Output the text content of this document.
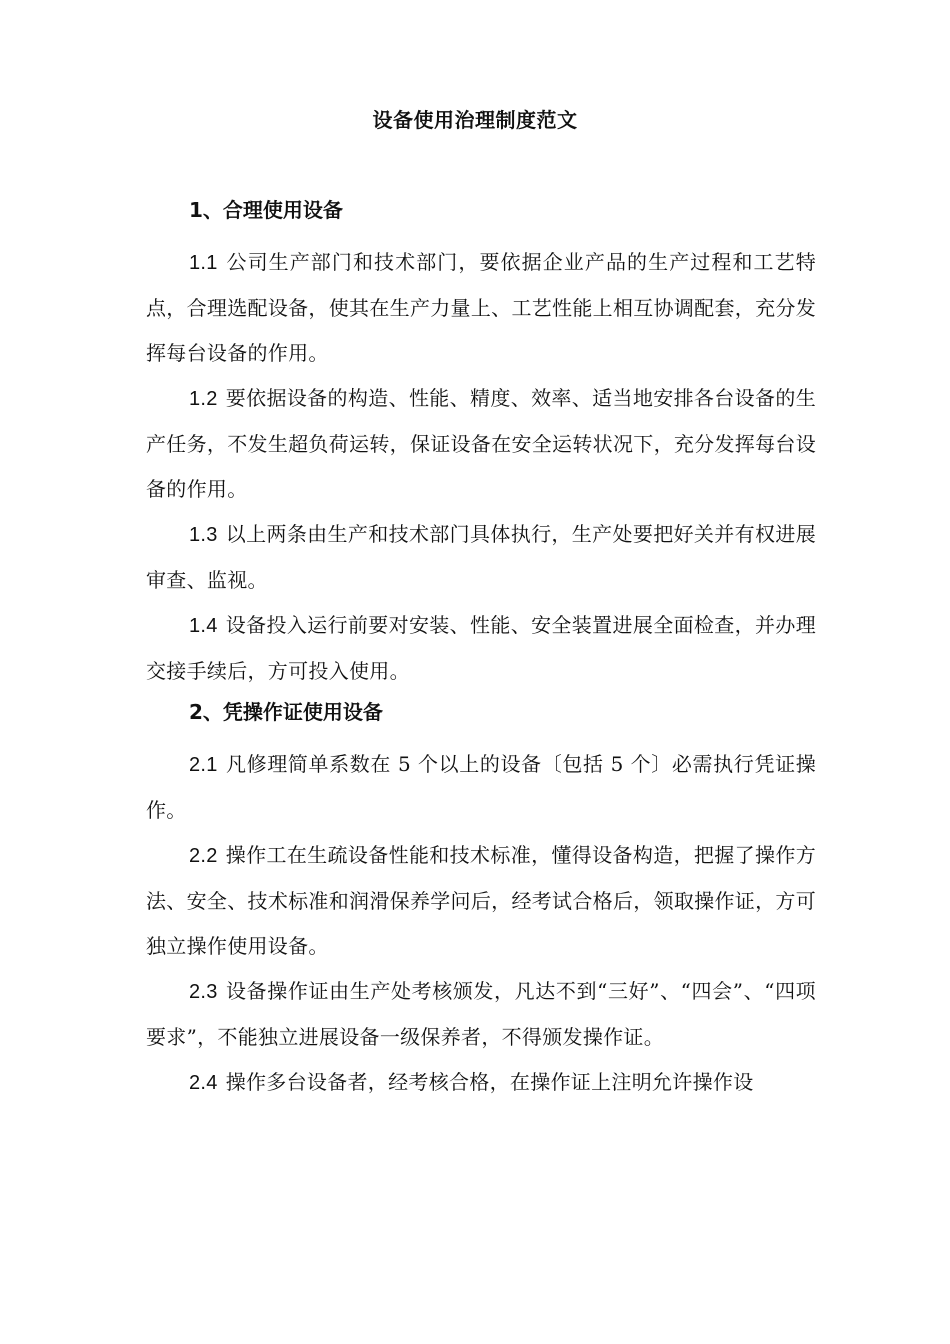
设备使用治理制度范文
1、合理使用设备

1.1 公司生产部门和技术部门，要依据企业产品的生产过程和工艺特点，合理选配设备，使其在生产力量上、工艺性能上相互协调配套，充分发挥每台设备的作用。

1.2 要依据设备的构造、性能、精度、效率、适当地安排各台设备的生产任务，不发生超负荷运转，保证设备在安全运转状况下，充分发挥每台设备的作用。

1.3 以上两条由生产和技术部门具体执行，生产处要把好关并有权进展审查、监视。

1.4 设备投入运行前要对安装、性能、安全装置进展全面检查，并办理交接手续后，方可投入使用。

2、凭操作证使用设备

2.1 凡修理简单系数在 5 个以上的设备〔包括 5 个〕必需执行凭证操作。

2.2 操作工在生疏设备性能和技术标准，懂得设备构造，把握了操作方法、安全、技术标准和润滑保养学问后，经考试合格后，领取操作证，方可独立操作使用设备。

2.3 设备操作证由生产处考核颁发，凡达不到“三好”、“四会”、“四项要求”，不能独立进展设备一级保养者，不得颁发操作证。

2.4 操作多台设备者，经考核合格，在操作证上注明允许操作设
